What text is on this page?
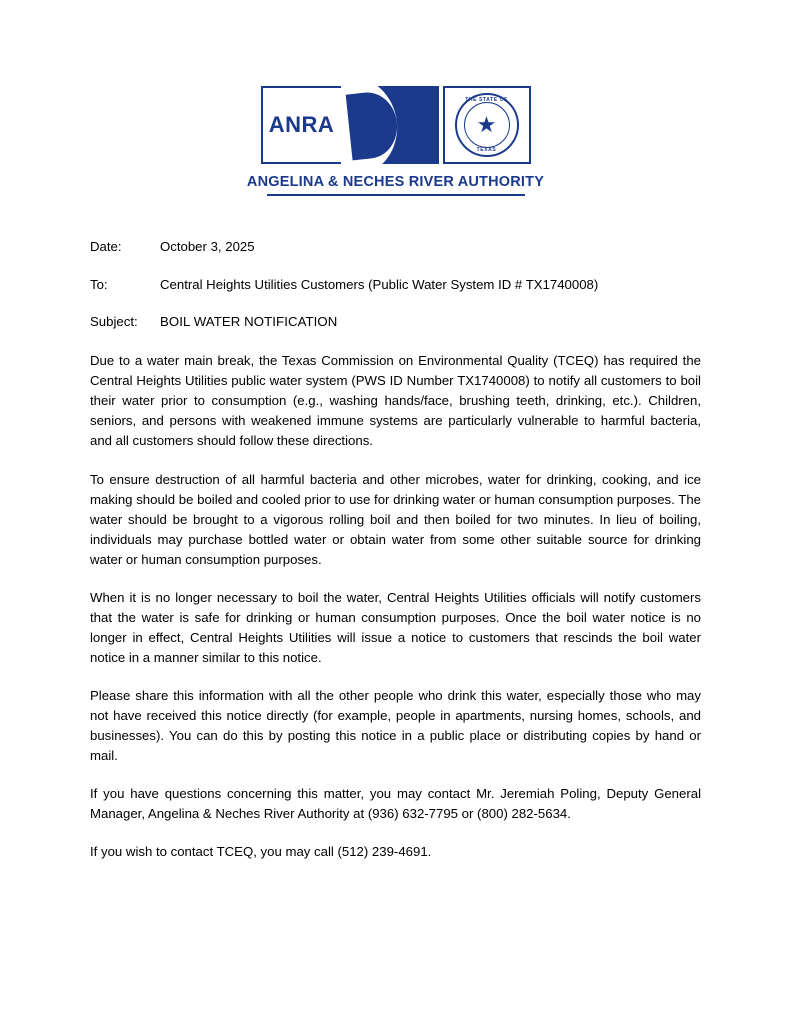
ANRA
THE STATE OF
★
TEXAS
ANGELINA & NECHES RIVER AUTHORITY
Date:	October 3, 2025
To:	Central Heights Utilities Customers (Public Water System ID # TX1740008)
Subject:	BOIL WATER NOTIFICATION

Due to a water main break, the Texas Commission on Environmental Quality (TCEQ) has required the Central Heights Utilities public water system (PWS ID Number TX1740008) to notify all customers to boil their water prior to consumption (e.g., washing hands/face, brushing teeth, drinking, etc.). Children, seniors, and persons with weakened immune systems are particularly vulnerable to harmful bacteria, and all customers should follow these directions.

To ensure destruction of all harmful bacteria and other microbes, water for drinking, cooking, and ice making should be boiled and cooled prior to use for drinking water or human consumption purposes. The water should be brought to a vigorous rolling boil and then boiled for two minutes. In lieu of boiling, individuals may purchase bottled water or obtain water from some other suitable source for drinking water or human consumption purposes.

When it is no longer necessary to boil the water, Central Heights Utilities officials will notify customers that the water is safe for drinking or human consumption purposes. Once the boil water notice is no longer in effect, Central Heights Utilities will issue a notice to customers that rescinds the boil water notice in a manner similar to this notice.

Please share this information with all the other people who drink this water, especially those who may not have received this notice directly (for example, people in apartments, nursing homes, schools, and businesses). You can do this by posting this notice in a public place or distributing copies by hand or mail.

If you have questions concerning this matter, you may contact Mr. Jeremiah Poling, Deputy General Manager, Angelina & Neches River Authority at (936) 632-7795 or (800) 282-5634.

If you wish to contact TCEQ, you may call (512) 239-4691.
